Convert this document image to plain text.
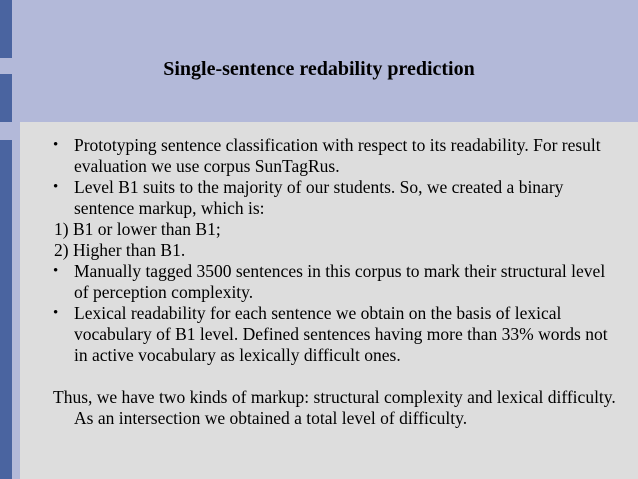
Single-sentence redability prediction
• Prototyping sentence classification with respect to its readability. For result evaluation we use corpus SunTagRus.
• Level B1 suits to the majority of our students. So, we created a binary sentence markup, which is:
1) B1 or lower than B1;
2) Higher than B1.
• Manually tagged 3500 sentences in this corpus to mark their structural level of perception complexity.
• Lexical readability for each sentence we obtain on the basis of lexical vocabulary of B1 level. Defined sentences having more than 33% words not in active vocabulary as lexically difficult ones.
Thus, we have two kinds of markup: structural complexity and lexical difficulty. As an intersection we obtained a total level of difficulty.
